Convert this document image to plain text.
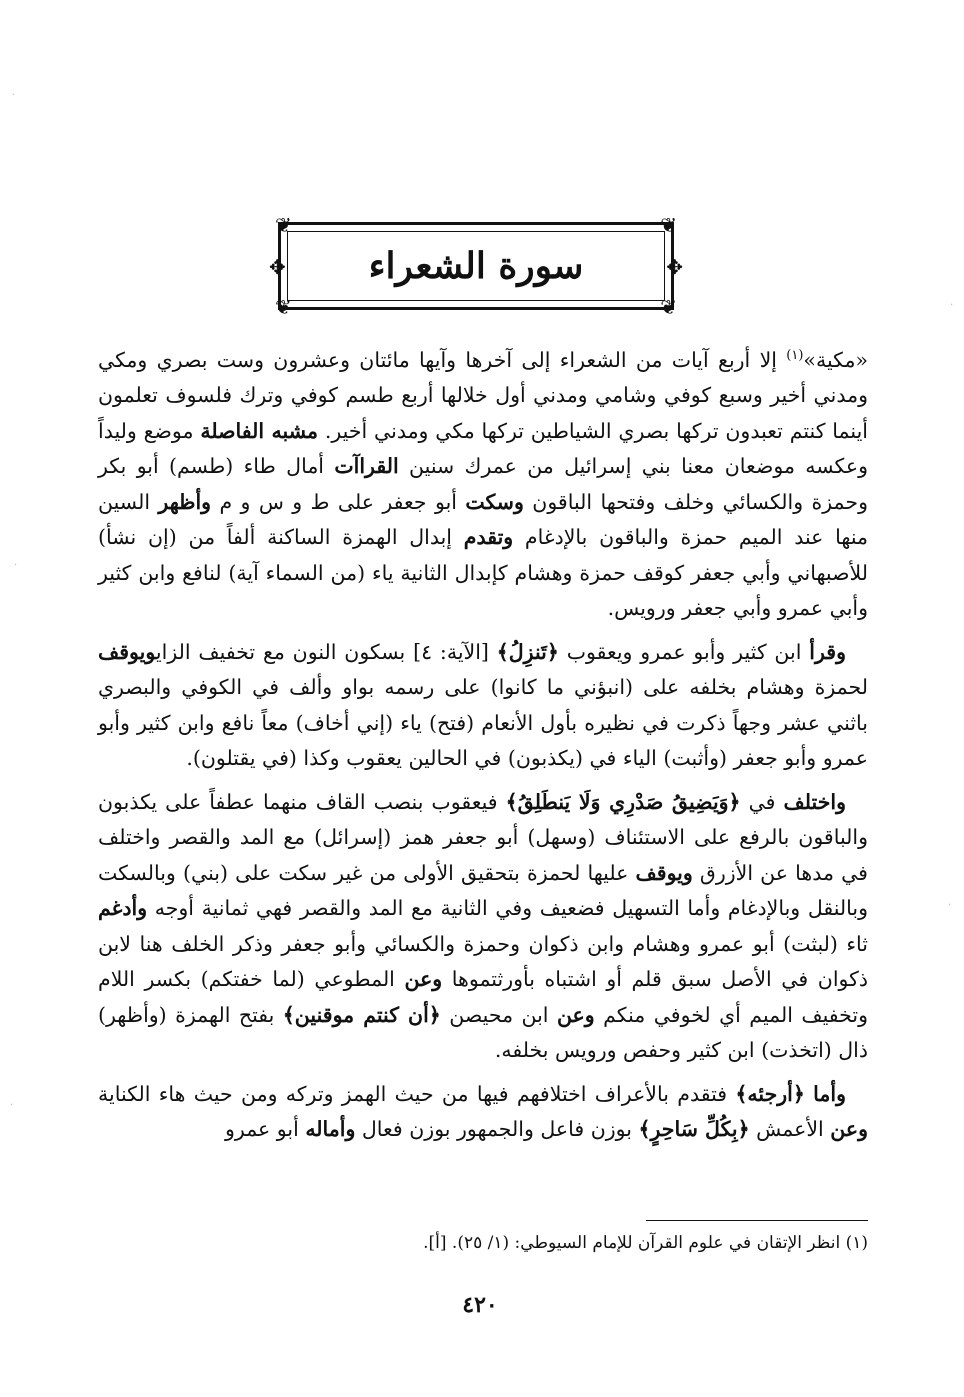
·
·
·
·
·
❦	❦
❦	❦
✥	✥
سورة الشعراء

«مكية»$^{(١)}$ إلا أربع آيات من الشعراء إلى آخرها وآيها مائتان وعشرون وست بصري ومكي ومدني أخير وسبع كوفي وشامي ومدني أول خلالها أربع طسم كوفي وترك فلسوف تعلمون أينما كنتم تعبدون تركها بصري الشياطين تركها مكي ومدني أخير. مشبه الفاصلة موضع وليداً وعكسه موضعان معنا بني إسرائيل من عمرك سنين القراآت أمال طاء (طسم) أبو بكر وحمزة والكسائي وخلف وفتحها الباقون وسكت أبو جعفر على ط و س و م وأظهر السين منها عند الميم حمزة والباقون بالإدغام وتقدم إبدال الهمزة الساكنة ألفاً من (إن نشأ) للأصبهاني وأبي جعفر كوقف حمزة وهشام كإبدال الثانية ياء (من السماء آية) لنافع وابن كثير وأبي عمرو وأبي جعفر ورويس.

وقرأ ابن كثير وأبو عمرو ويعقوب ﴿تَنزِلُ﴾ [الآية: ٤] بسكون النون مع تخفيف الزايويوقف لحمزة وهشام بخلفه على (انبؤني ما كانوا) على رسمه بواو وألف في الكوفي والبصري باثني عشر وجهاً ذكرت في نظيره بأول الأنعام (فتح) ياء (إني أخاف) معاً نافع وابن كثير وأبو عمرو وأبو جعفر (وأثبت) الياء في (يكذبون) في الحالين يعقوب وكذا (في يقتلون).

واختلف في ﴿وَيَضِيقُ صَدْرِي وَلَا يَنطَلِقُ﴾ فيعقوب بنصب القاف منهما عطفاً على يكذبون والباقون بالرفع على الاستئناف (وسهل) أبو جعفر همز (إسرائل) مع المد والقصر واختلف في مدها عن الأزرق ويوقف عليها لحمزة بتحقيق الأولى من غير سكت على (بني) وبالسكت وبالنقل وبالإدغام وأما التسهيل فضعيف وفي الثانية مع المد والقصر فهي ثمانية أوجه وأدغم ثاء (لبثت) أبو عمرو وهشام وابن ذكوان وحمزة والكسائي وأبو جعفر وذكر الخلف هنا لابن ذكوان في الأصل سبق قلم أو اشتباه بأورثتموها وعن المطوعي (لما خفتكم) بكسر اللام وتخفيف الميم أي لخوفي منكم وعن ابن محيصن ﴿أن كنتم موقنين﴾ بفتح الهمزة (وأظهر) ذال (اتخذت) ابن كثير وحفص ورويس بخلفه.

وأما ﴿أرجئه﴾ فتقدم بالأعراف اختلافهم فيها من حيث الهمز وتركه ومن حيث هاء الكناية وعن الأعمش ﴿بِكُلِّ سَاحِرٍ﴾ بوزن فاعل والجمهور بوزن فعال وأماله أبو عمرو

(١) انظر الإتقان في علوم القرآن للإمام السيوطي: (١/ ٢٥). [أ].
٤٢٠
